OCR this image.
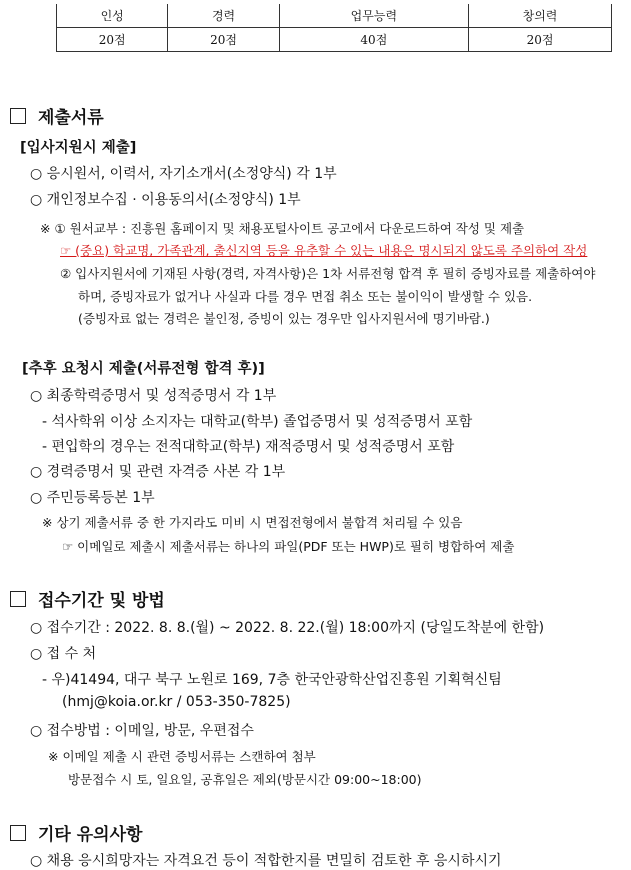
인성	경력	업무능력	창의력
20점	20점	40점	20점
제출서류
[입사지원시 제출]
○ 응시원서, 이력서, 자기소개서(소정양식) 각 1부
○ 개인정보수집 · 이용동의서(소정양식) 1부
※ ① 원서교부 : 진흥원 홈페이지 및 채용포털사이트 공고에서 다운로드하여 작성 및 제출
☞ (중요) 학교명, 가족관계, 출신지역 등을 유추할 수 있는 내용은 명시되지 않도록 주의하여 작성
② 입사지원서에 기재된 사항(경력, 자격사항)은 1차 서류전형 합격 후 필히 증빙자료를 제출하여야
하며, 증빙자료가 없거나 사실과 다를 경우 면접 취소 또는 불이익이 발생할 수 있음.
(증빙자료 없는 경력은 불인정, 증빙이 있는 경우만 입사지원서에 명기바람.)
[추후 요청시 제출(서류전형 합격 후)]
○ 최종학력증명서 및 성적증명서 각 1부
- 석사학위 이상 소지자는 대학교(학부) 졸업증명서 및 성적증명서 포함
- 편입학의 경우는 전적대학교(학부) 재적증명서 및 성적증명서 포함
○ 경력증명서 및 관련 자격증 사본 각 1부
○ 주민등록등본 1부
※ 상기 제출서류 중 한 가지라도 미비 시 면접전형에서 불합격 처리될 수 있음
☞ 이메일로 제출시 제출서류는 하나의 파일(PDF 또는 HWP)로 필히 병합하여 제출
접수기간 및 방법
○ 접수기간 : 2022. 8. 8.(월) ~ 2022. 8. 22.(월) 18:00까지 (당일도착분에 한함)
○ 접 수 처
- 우)41494, 대구 북구 노원로 169, 7층 한국안광학산업진흥원 기획혁신팀
(hmj@koia.or.kr / 053-350-7825)
○ 접수방법 : 이메일, 방문, 우편접수
※ 이메일 제출 시 관련 증빙서류는 스캔하여 첨부
방문접수 시 토, 일요일, 공휴일은 제외(방문시간 09:00~18:00)
기타 유의사항
○ 채용 응시희망자는 자격요건 등이 적합한지를 면밀히 검토한 후 응시하시기
